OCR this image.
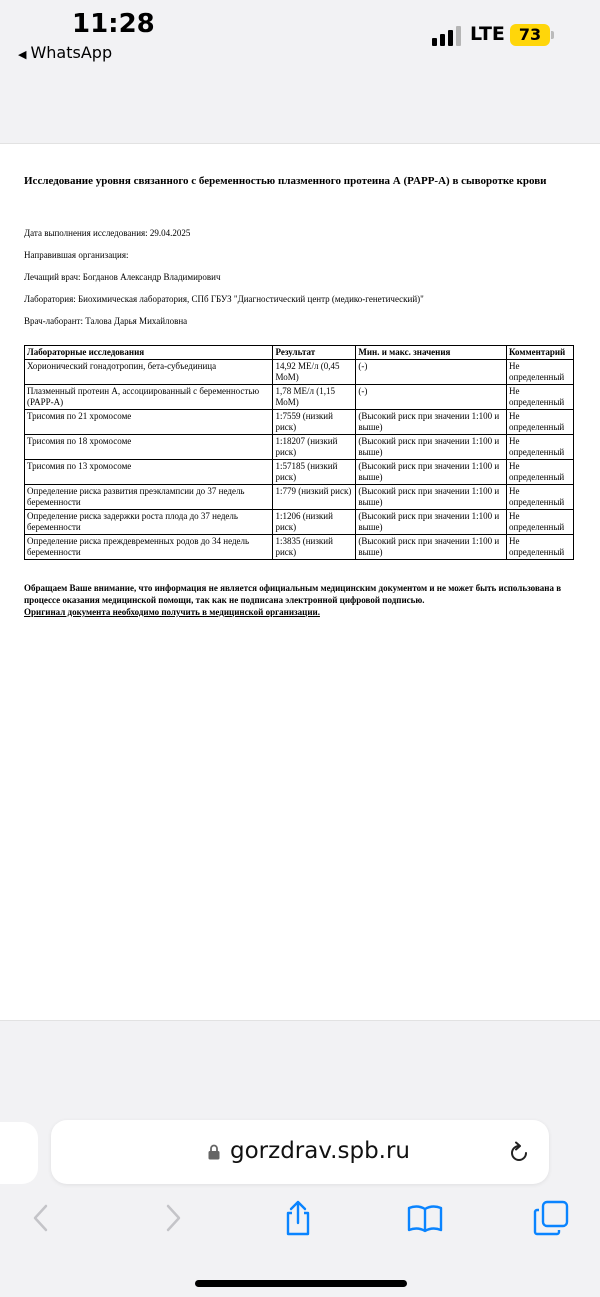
11:28
◀ WhatsApp
LTE 73
Исследование уровня связанного с беременностью плазменного протеина А (PAPP-A) в сыворотке крови
Дата выполнения исследования: 29.04.2025
Направившая организация:
Лечащий врач: Богданов Александр Владимирович
Лаборатория: Биохимическая лаборатория, СПб ГБУЗ "Диагностический центр (медико-генетический)"
Врач-лаборант: Талова Дарья Михайловна
Лабораторные исследования	Результат	Мин. и макс. значения	Комментарий
Хорионический гонадотропин, бета-субъединица	14,92 МЕ/л (0,45 МоМ)	(-)	Не определенный
Плазменный протеин А, ассоциированный с беременностью (PAPP-A)	1,78 МЕ/л (1,15 МоМ)	(-)	Не определенный
Трисомия по 21 хромосоме	1:7559 (низкий риск)	(Высокий риск при значении 1:100 и выше)	Не определенный
Трисомия по 18 хромосоме	1:18207 (низкий риск)	(Высокий риск при значении 1:100 и выше)	Не определенный
Трисомия по 13 хромосоме	1:57185 (низкий риск)	(Высокий риск при значении 1:100 и выше)	Не определенный
Определение риска развития преэклампсии до 37 недель беременности	1:779 (низкий риск)	(Высокий риск при значении 1:100 и выше)	Не определенный
Определение риска задержки роста плода до 37 недель беременности	1:1206 (низкий риск)	(Высокий риск при значении 1:100 и выше)	Не определенный
Определение риска преждевременных родов до 34 недель беременности	1:3835 (низкий риск)	(Высокий риск при значении 1:100 и выше)	Не определенный
Обращаем Ваше внимание, что информация не является официальным медицинским документом и не может быть использована в процессе оказания медицинской помощи, так как не подписана электронной цифровой подписью.
Оригинал документа необходимо получить в медицинской организации.
gorzdrav.spb.ru
